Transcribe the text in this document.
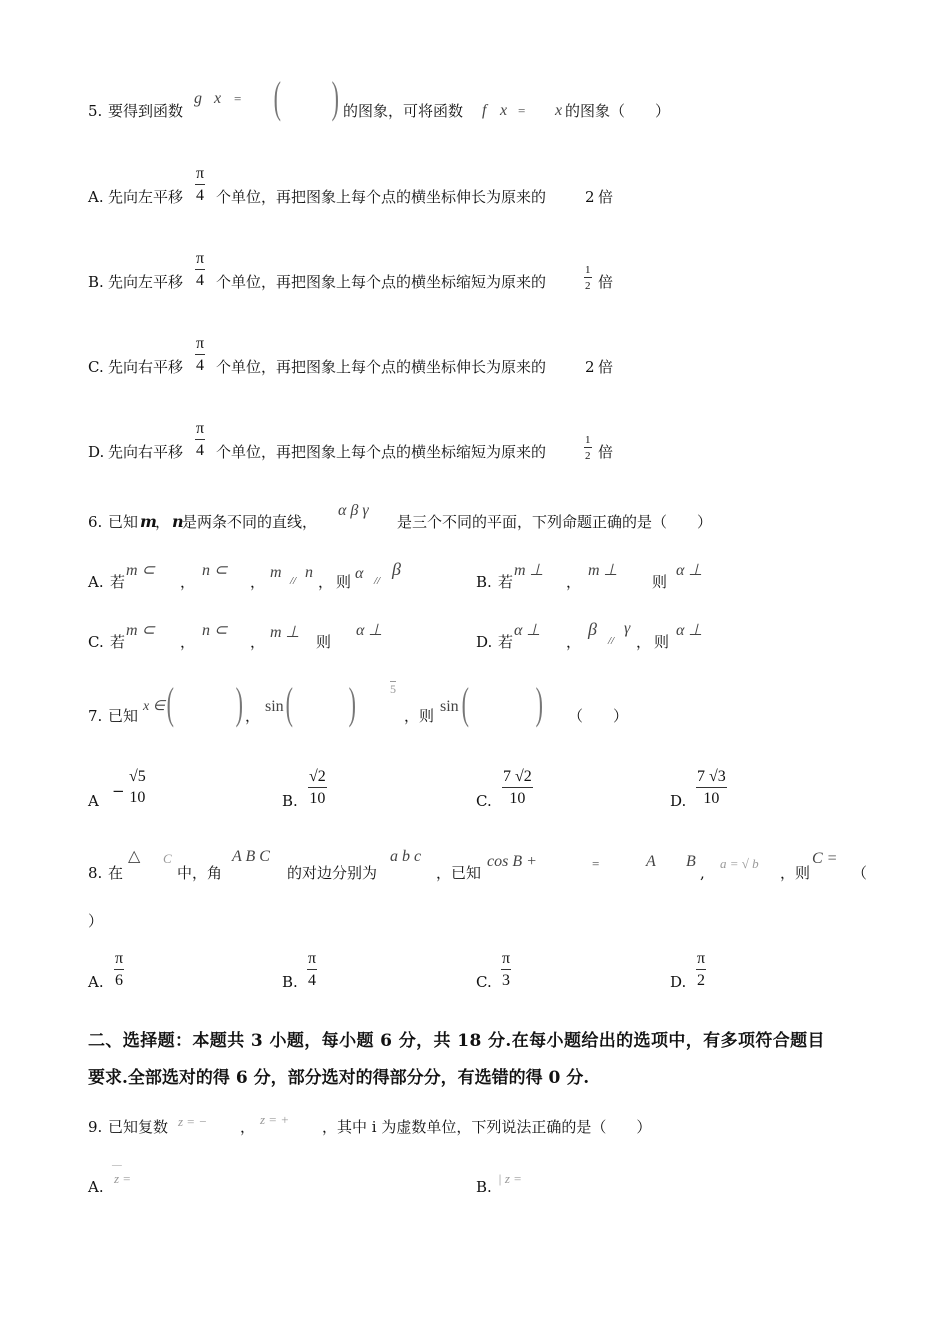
5. 要得到函数
g x = ( ) 的图象，可将函数 f x = x 的图象（　　）
A. 先向左平移 $\frac{\pi}{4}$ 个单位，再把图象上每个点的横坐标伸长为原来的	2 倍
B. 先向左平移 $\frac{\pi}{4}$ 个单位，再把图象上每个点的横坐标缩短为原来的	$\frac{1}{2}$ 倍
C. 先向右平移 $\frac{\pi}{4}$ 个单位，再把图象上每个点的横坐标伸长为原来的	2 倍
D. 先向右平移 $\frac{\pi}{4}$ 个单位，再把图象上每个点的横坐标缩短为原来的	$\frac{1}{2}$ 倍
6. 已知 m
， n
是两条不同的直线，
α β γ
是三个不同的平面，下列命题正确的是（　　）
A. 若
m ⊂
，
n ⊂
，
m // n
， 则 α //
β
B. 若
m ⊥
，
m ⊥
则
α ⊥
C. 若
m ⊂
，
n ⊂
，
m ⊥
则
α ⊥
D. 若
α ⊥
，
β
//
γ
， 则
α ⊥
7. 已知
x ∈ ( ) ，
sin ( )	5
，则
sin ( ) （　　）
A
−
√5
10	B. $\frac{√2}{10}$	C. $\frac{7 √2}{10}$	D. $\frac{7 √3}{10}$
8. 在
△ C
中，角
A B C
的对边分别为
a b c
，已知
cos B +	=	A B
,
a = √ b
，则
C =
（
）
A. $\frac{\pi}{6}$	B. $\frac{\pi}{4}$	C. $\frac{\pi}{3}$	D. $\frac{\pi}{2}$
二、选择题：本题共 3 小题，每小题 6 分，共 18 分.在每小题给出的选项中，有多项符合题目
要求.全部选对的得 6 分，部分选对的得部分分，有选错的得 0 分.
9. 已知复数 z = − ， z = + ，其中 i 为虚数单位，下列说法正确的是（　　）
A.
—
z =	B. | z =
